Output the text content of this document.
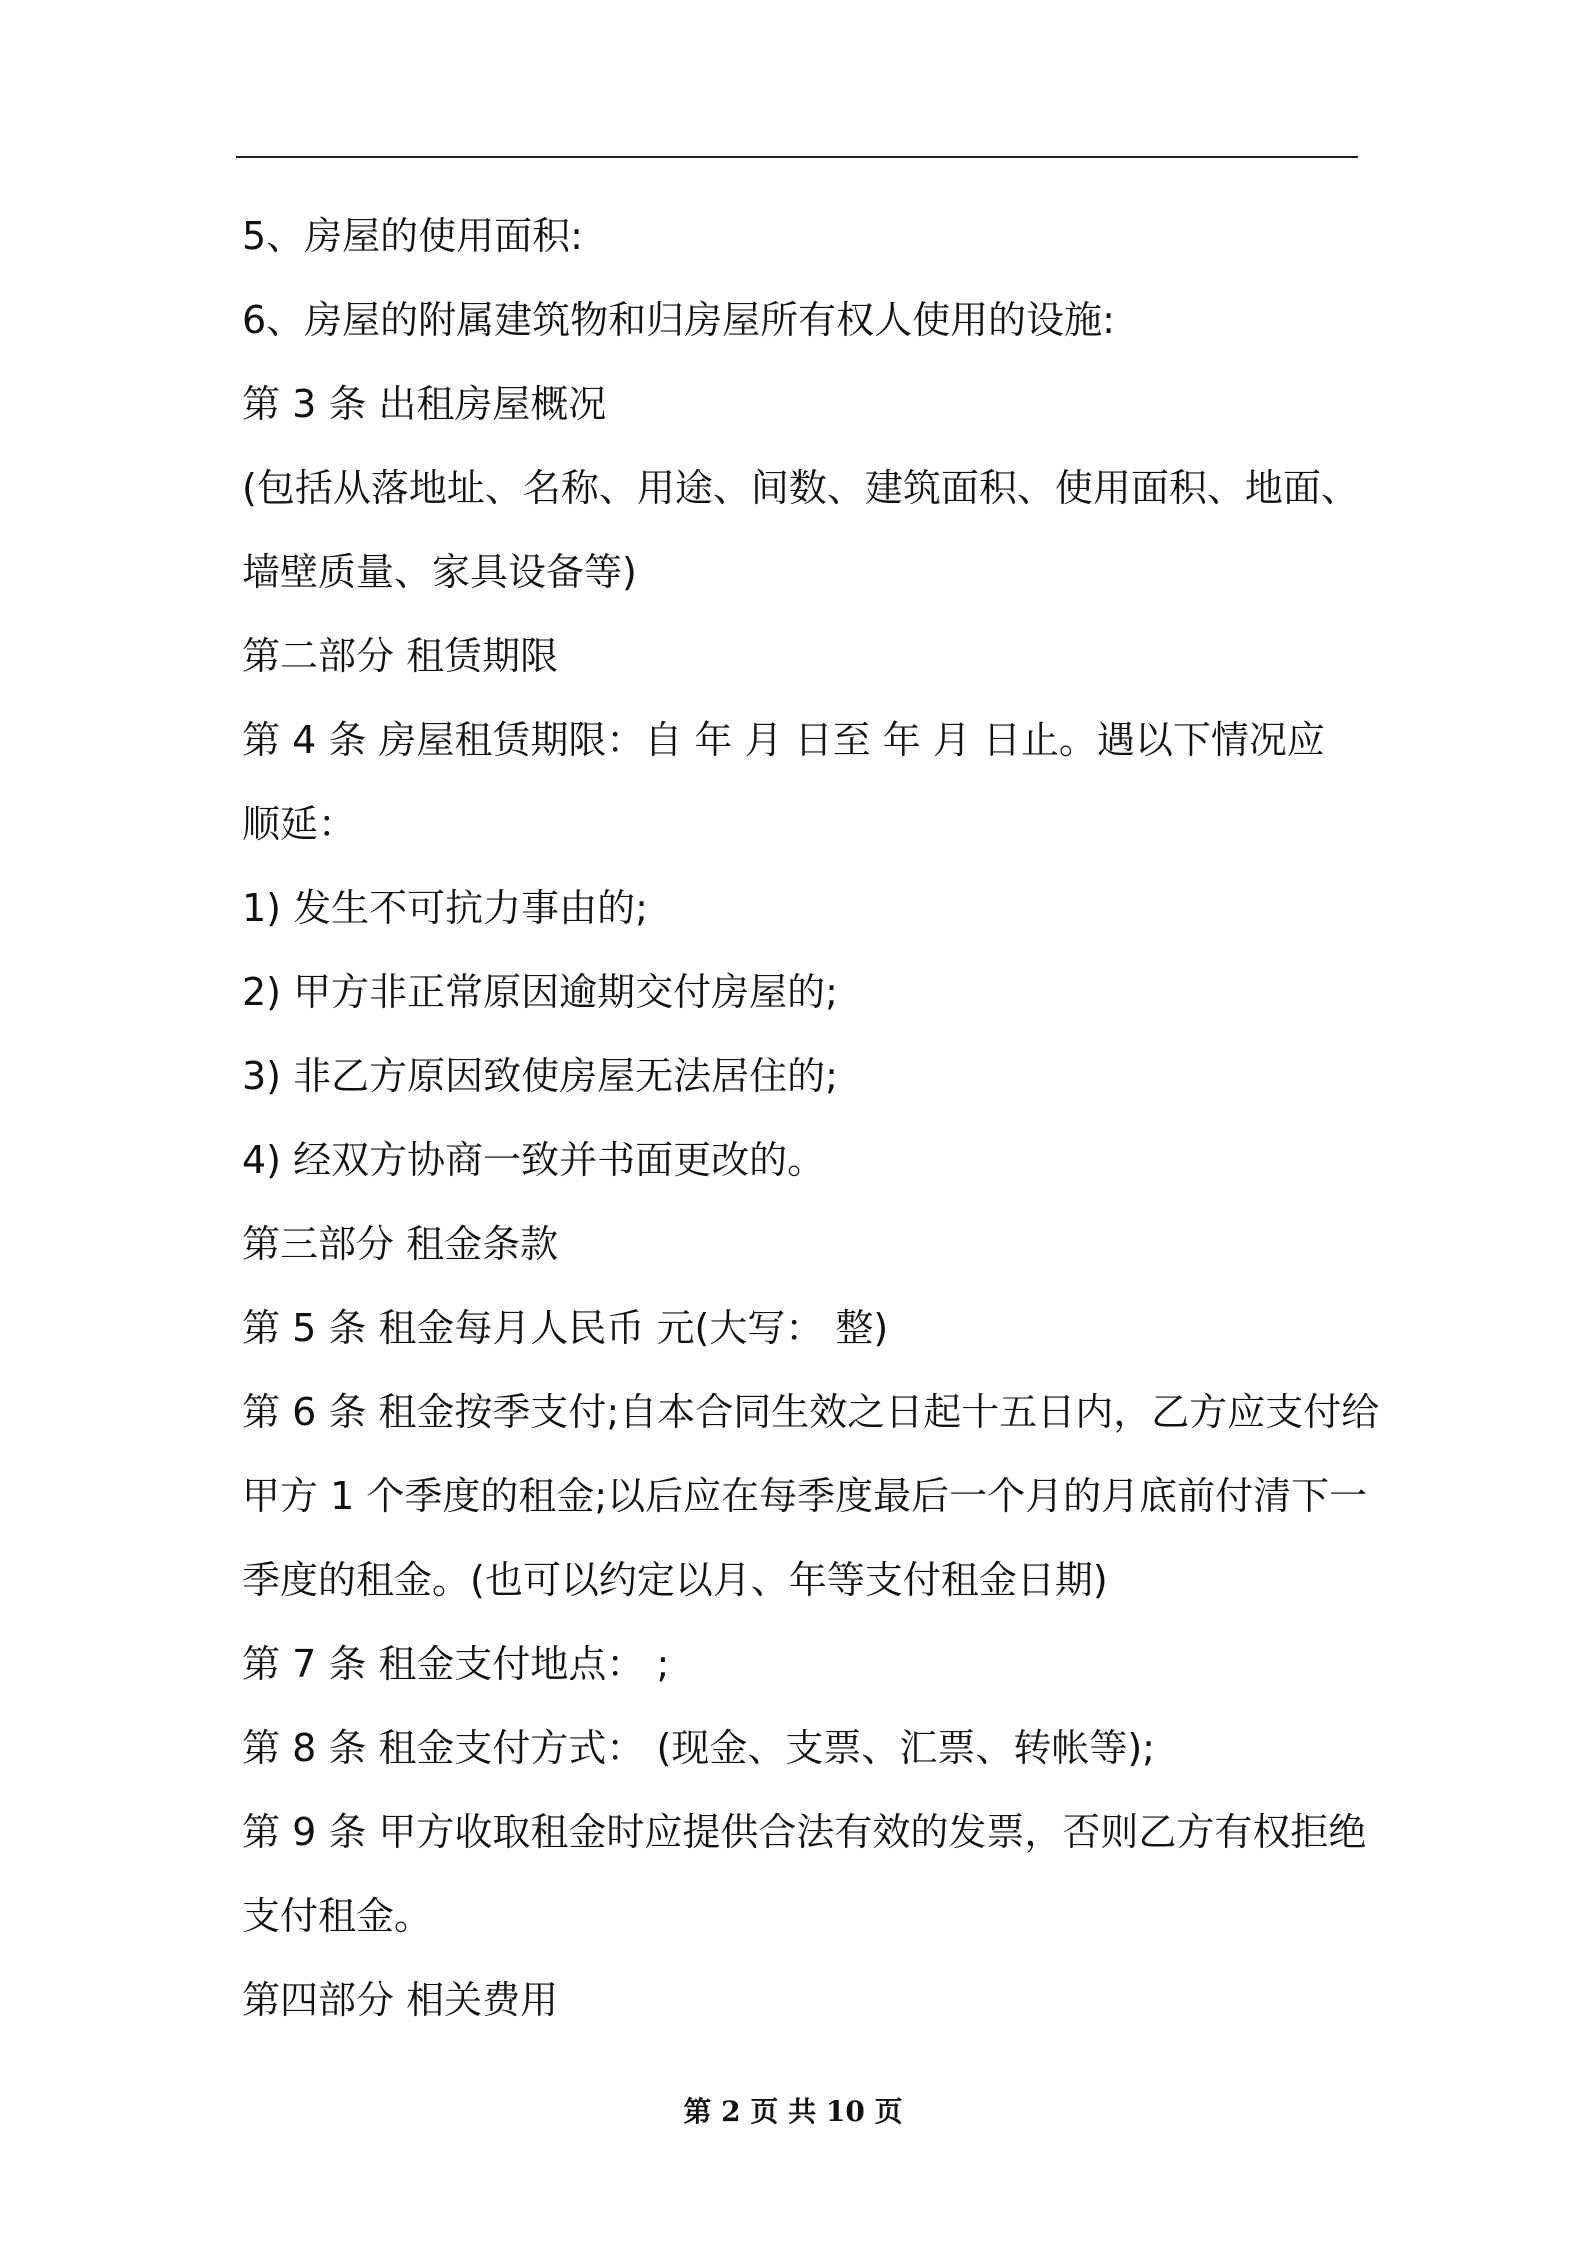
5、房屋的使用面积:
6、房屋的附属建筑物和归房屋所有权人使用的设施:
第 3 条 出租房屋概况
(包括从落地址、名称、用途、间数、建筑面积、使用面积、地面、
墙壁质量、家具设备等)
第二部分 租赁期限
第 4 条 房屋租赁期限：自 年 月 日至 年 月 日止。遇以下情况应
顺延：
1) 发生不可抗力事由的;
2) 甲方非正常原因逾期交付房屋的;
3) 非乙方原因致使房屋无法居住的;
4) 经双方协商一致并书面更改的。
第三部分 租金条款
第 5 条 租金每月人民币 元(大写： 整)
第 6 条 租金按季支付;自本合同生效之日起十五日内，乙方应支付给
甲方 1 个季度的租金;以后应在每季度最后一个月的月底前付清下一
季度的租金。(也可以约定以月、年等支付租金日期)
第 7 条 租金支付地点： ;
第 8 条 租金支付方式： (现金、支票、汇票、转帐等);
第 9 条 甲方收取租金时应提供合法有效的发票，否则乙方有权拒绝
支付租金。
第四部分 相关费用
第 2 页 共 10 页
